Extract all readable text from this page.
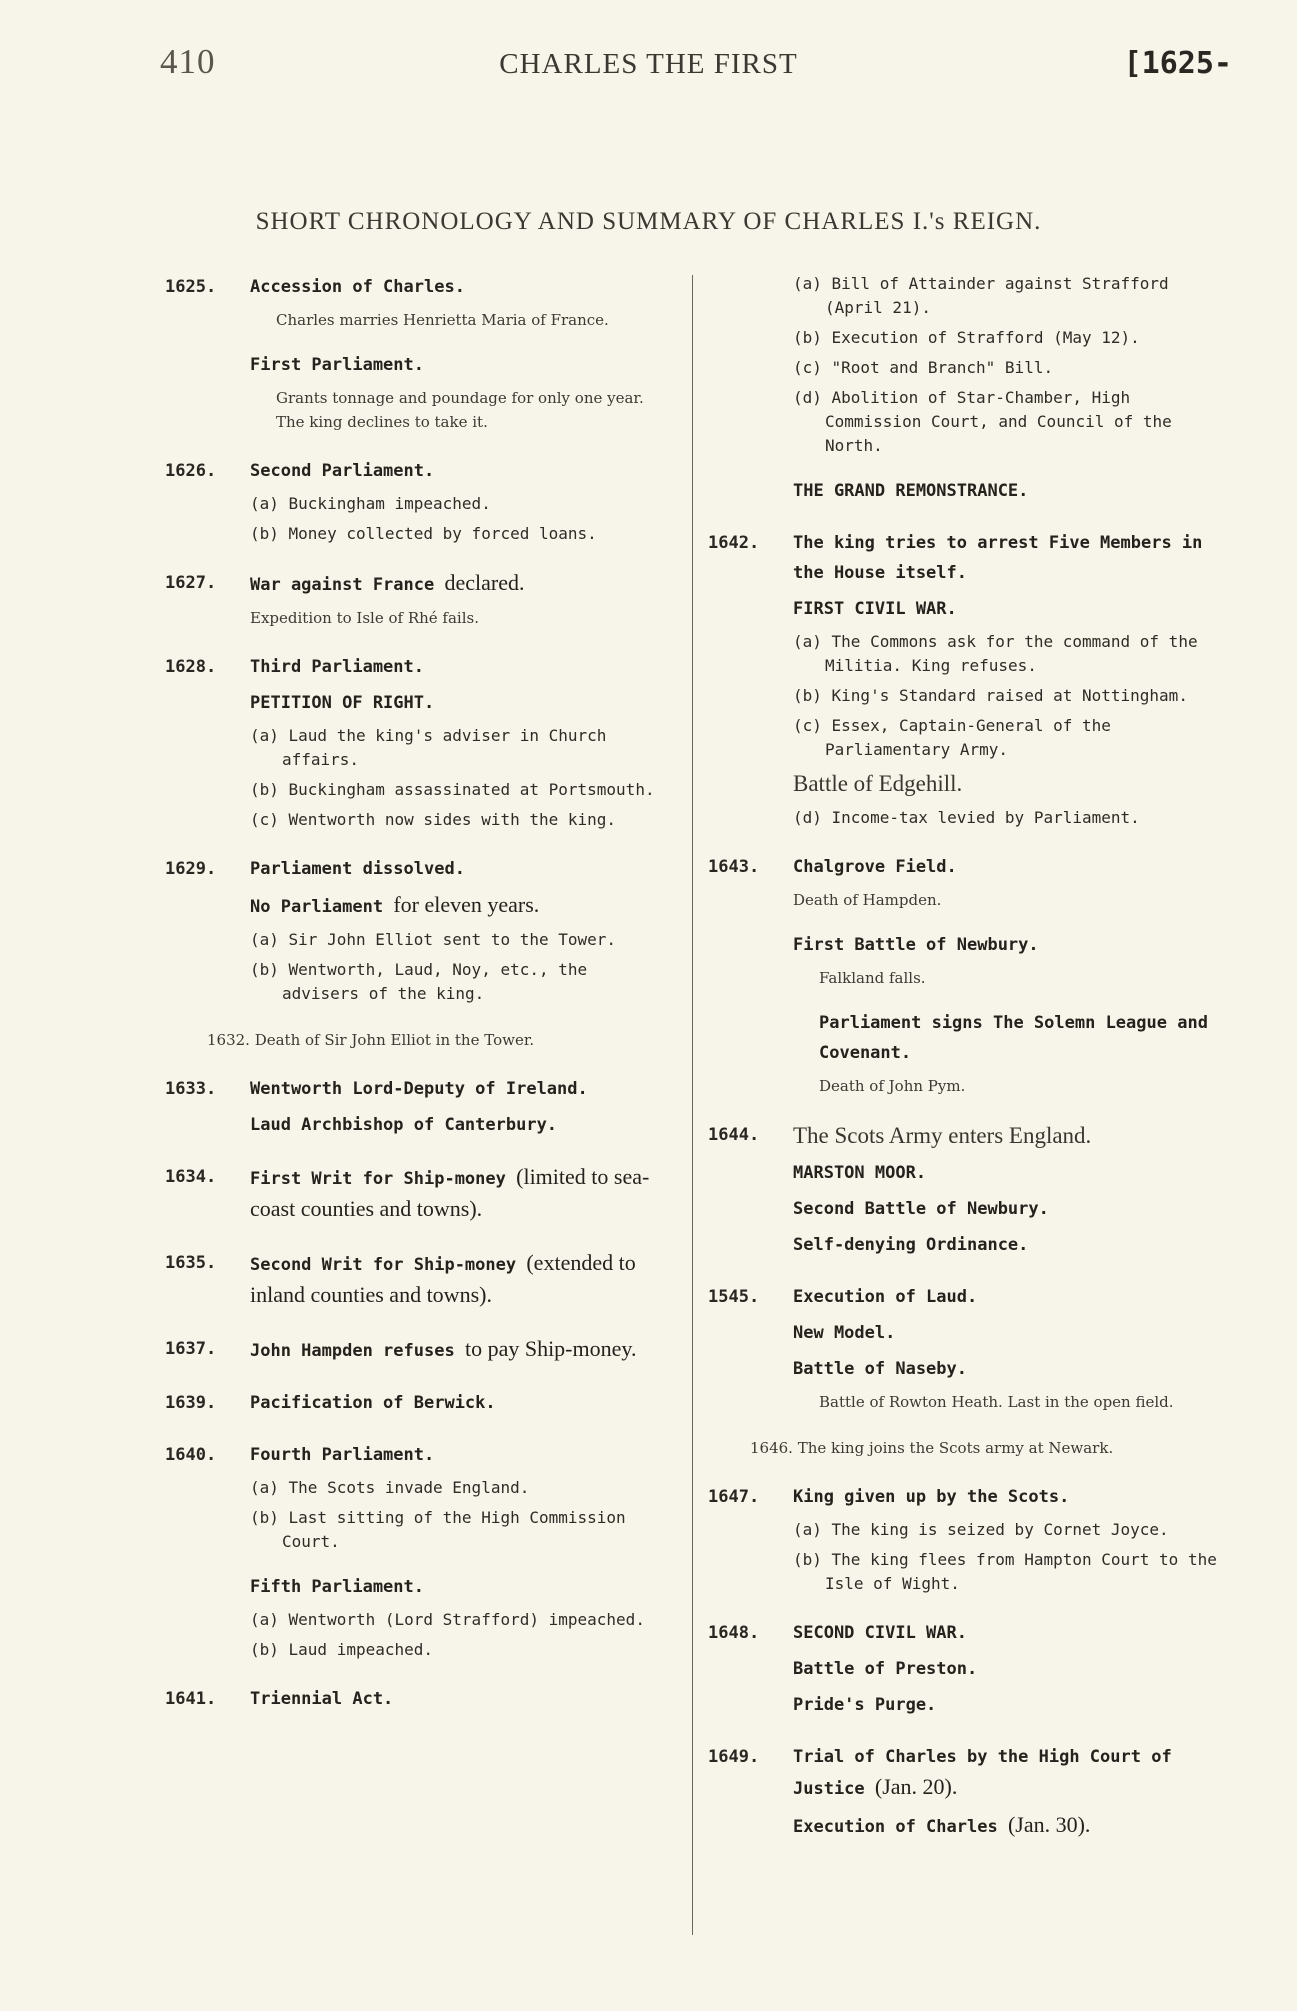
410	CHARLES THE FIRST	[1625-
SHORT CHRONOLOGY AND SUMMARY OF CHARLES I.'s REIGN.
1625. Accession of Charles.
Charles marries Henrietta Maria of France.
First Parliament.
Grants tonnage and poundage for only one year. The king declines to take it.
1626. Second Parliament.
(a) Buckingham impeached.
(b) Money collected by forced loans.
1627. War against France declared.
Expedition to Isle of Rhé fails.
1628. Third Parliament.
PETITION OF RIGHT.
(a) Laud the king's adviser in Church affairs.
(b) Buckingham assassinated at Portsmouth.
(c) Wentworth now sides with the king.
1629. Parliament dissolved.
No Parliament for eleven years.
(a) Sir John Elliot sent to the Tower.
(b) Wentworth, Laud, Noy, etc., the advisers of the king.
1632. Death of Sir John Elliot in the Tower.
1633. Wentworth Lord-Deputy of Ireland.
Laud Archbishop of Canterbury.
1634. First Writ for Ship-money (limited to sea-coast counties and towns).
1635. Second Writ for Ship-money (extended to inland counties and towns).
1637. John Hampden refuses to pay Ship-money.
1639. Pacification of Berwick.
1640. Fourth Parliament.
(a) The Scots invade England.
(b) Last sitting of the High Commission Court.
Fifth Parliament.
(a) Wentworth (Lord Strafford) impeached.
(b) Laud impeached.
1641. Triennial Act.
(a) Bill of Attainder against Strafford (April 21).
(b) Execution of Strafford (May 12).
(c) "Root and Branch" Bill.
(d) Abolition of Star-Chamber, High Commission Court, and Council of the North.
THE GRAND REMONSTRANCE.
1642. The king tries to arrest Five Members in the House itself.
FIRST CIVIL WAR.
(a) The Commons ask for the command of the Militia. King refuses.
(b) King's Standard raised at Nottingham.
(c) Essex, Captain-General of the Parliamentary Army.
Battle of Edgehill.
(d) Income-tax levied by Parliament.
1643. Chalgrove Field.
Death of Hampden.
First Battle of Newbury.
Falkland falls.
Parliament signs The Solemn League and Covenant.
Death of John Pym.
1644. The Scots Army enters England.
MARSTON MOOR.
Second Battle of Newbury.
Self-denying Ordinance.
1545. Execution of Laud.
New Model.
Battle of Naseby.
Battle of Rowton Heath. Last in the open field.
1646. The king joins the Scots army at Newark.
1647. King given up by the Scots.
(a) The king is seized by Cornet Joyce.
(b) The king flees from Hampton Court to the Isle of Wight.
1648. SECOND CIVIL WAR.
Battle of Preston.
Pride's Purge.
1649. Trial of Charles by the High Court of Justice (Jan. 20).
Execution of Charles (Jan. 30).
